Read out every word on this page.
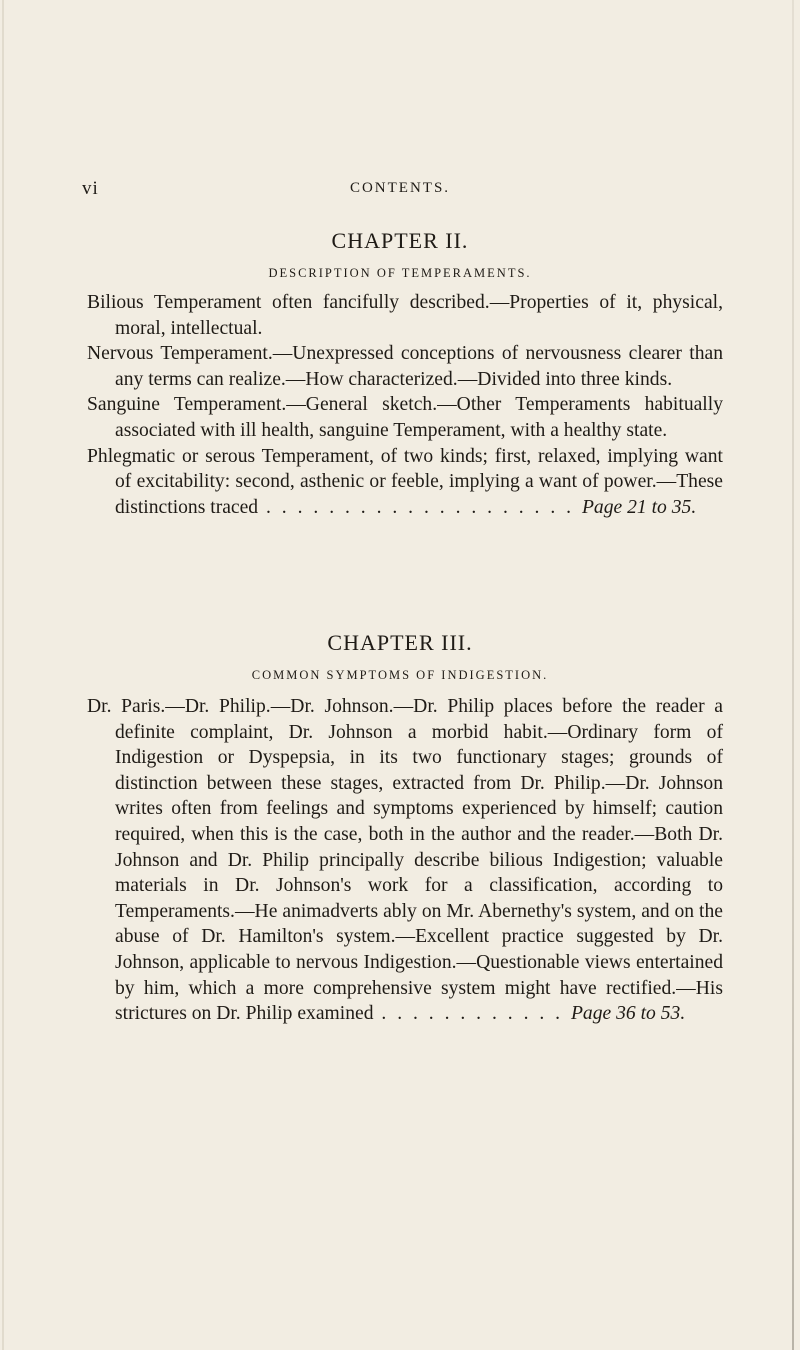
vi	CONTENTS.
CHAPTER II.
DESCRIPTION OF TEMPERAMENTS.

Bilious Temperament often fancifully described.—Properties of it, physical, moral, intellectual.

Nervous Temperament.—Unexpressed conceptions of nervousness clearer than any terms can realize.—How characterized.—Divided into three kinds.

Sanguine Temperament.—General sketch.—Other Temperaments habitually associated with ill health, sanguine Temperament, with a healthy state.

Phlegmatic or serous Temperament, of two kinds; first, relaxed, implying want of excitability: second, asthenic or feeble, implying a want of power.—These distinctions traced . . . . . . . . . . . . . . . . . . . . Page 21 to 35.

CHAPTER III.
COMMON SYMPTOMS OF INDIGESTION.

Dr. Paris.—Dr. Philip.—Dr. Johnson.—Dr. Philip places before the reader a definite complaint, Dr. Johnson a morbid habit.—Ordinary form of Indigestion or Dyspepsia, in its two functionary stages; grounds of distinction between these stages, extracted from Dr. Philip.—Dr. Johnson writes often from feelings and symptoms experienced by himself; caution required, when this is the case, both in the author and the reader.—Both Dr. Johnson and Dr. Philip principally describe bilious Indigestion; valuable materials in Dr. Johnson's work for a classification, according to Temperaments.—He animadverts ably on Mr. Abernethy's system, and on the abuse of Dr. Hamilton's system.—Excellent practice suggested by Dr. Johnson, applicable to nervous Indigestion.—Questionable views entertained by him, which a more comprehensive system might have rectified.—His strictures on Dr. Philip examined . . . . . . . . . . . . Page 36 to 53.
